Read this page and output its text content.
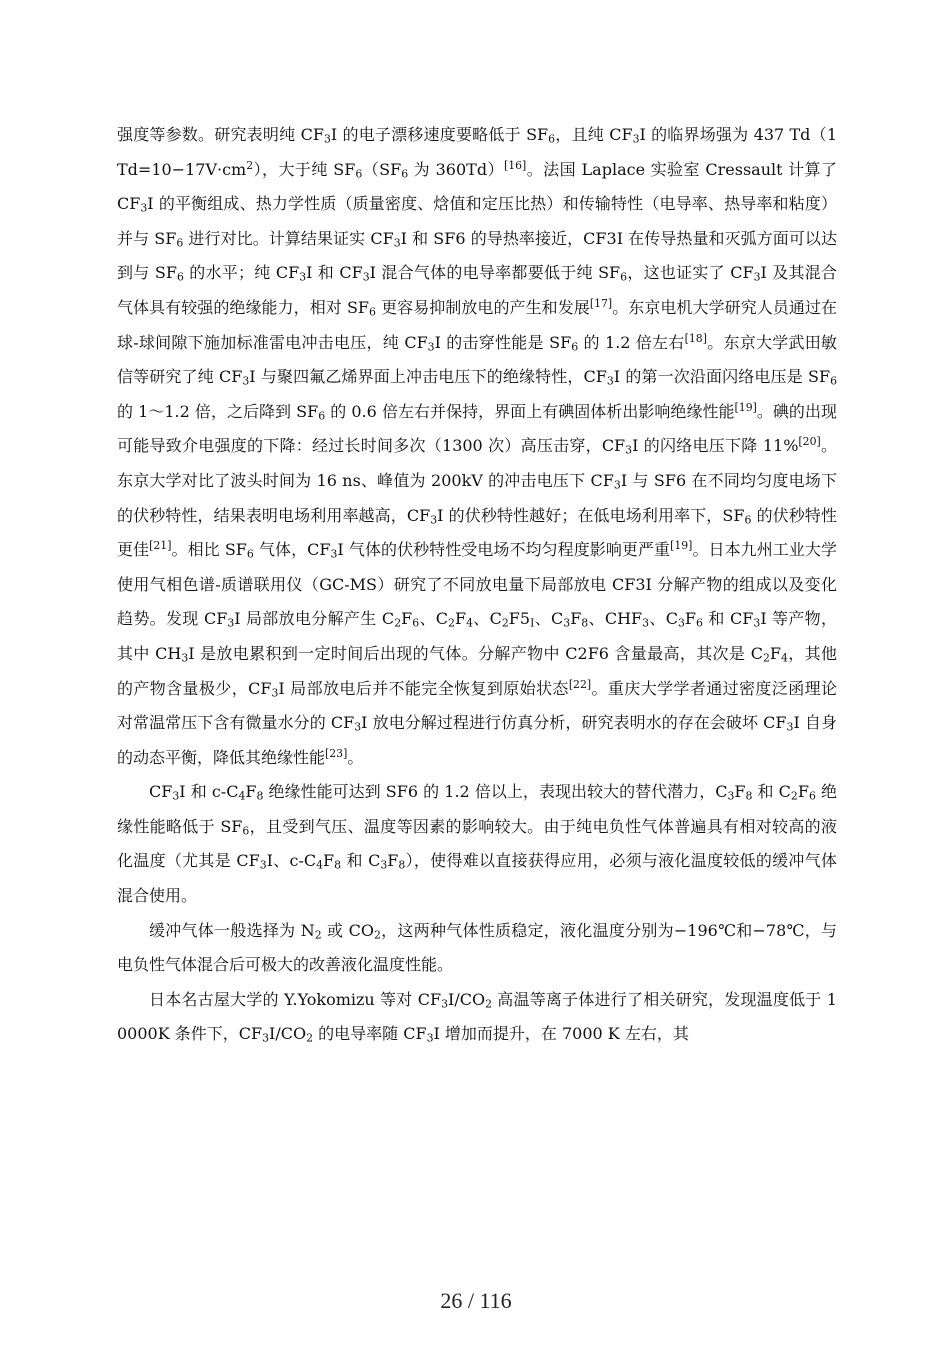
强度等参数。研究表明纯 $CF_3I$ 的电子漂移速度要略低于 $SF_6$，且纯 $CF_3I$ 的临界场强为 437 $Td(1Td=10-17V\cdot cm^2)$，大于纯 $SF_6(SF_6$ 为 360Td）[16]。法国 Laplace 实验室 Cressault 计算了 $CF_3I$ 的平衡组成、热力学性质（质量密度、焓值和定压比热）和传输特性（电导率、热导率和粘度）并与 $SF_6$ 进行对比。计算结果证实 $CF_3I$ 和 SF6 的导热率接近，CF3I 在传导热量和灭弧方面可以达到与 $SF_6$ 的水平；纯 $CF_3I$ 和 $CF_3I$ 混合气体的电导率都要低于纯 $SF_6$，这也证实了 $CF_3I$ 及其混合气体具有较强的绝缘能力，相对 $SF_6$ 更容易抑制放电的产生和发展[17]。东京电机大学研究人员通过在球-球间隙下施加标准雷电冲击电压，纯 $CF_3I$ 的击穿性能是 $SF_6$ 的 1.2 倍左右[18]。东京大学武田敏信等研究了纯 $CF_3I$ 与聚四氟乙烯界面上冲击电压下的绝缘特性，$CF_3I$ 的第一次沿面闪络电压是 $SF_6$ 的 1～1.2 倍，之后降到 $SF_6$ 的 0.6 倍左右并保持，界面上有碘固体析出影响绝缘性能[19]。碘的出现可能导致介电强度的下降：经过长时间多次（1300 次）高压击穿，$CF_3I$ 的闪络电压下降 11%[20]。东京大学对比了波头时间为 16 ns、峰值为 200kV 的冲击电压下 $CF_3I$ 与 SF6 在不同均匀度电场下的伏秒特性，结果表明电场利用率越高，$CF_3I$ 的伏秒特性越好；在低电场利用率下，$SF_6$ 的伏秒特性更佳[21]。相比 $SF_6$ 气体，$CF_3I$ 气体的伏秒特性受电场不均匀程度影响更严重[19]。日本九州工业大学使用气相色谱-质谱联用仪（GC-MS）研究了不同放电量下局部放电 CF3I 分解产物的组成以及变化趋势。发现 $CF_3I$ 局部放电分解产生 $C_2F_6$、$C_2F_4$、$C_2F5_I$、$C_3F_8$、$CHF_3$、$C_3F_6$ 和 $CF_3I$ 等产物，其中 $CH_3I$ 是放电累积到一定时间后出现的气体。分解产物中 C2F6 含量最高，其次是 $C_2F_4$，其他的产物含量极少，$CF_3I$ 局部放电后并不能完全恢复到原始状态[22]。重庆大学学者通过密度泛函理论对常温常压下含有微量水分的 $CF_3I$ 放电分解过程进行仿真分析，研究表明水的存在会破坏 $CF_3I$ 自身的动态平衡，降低其绝缘性能[23]。

$CF_3I$ 和 $c-C_4F_8$ 绝缘性能可达到 SF6 的 1.2 倍以上，表现出较大的替代潜力，$C_3F_8$ 和 $C_2F_6$ 绝缘性能略低于 $SF_6$，且受到气压、温度等因素的影响较大。由于纯电负性气体普遍具有相对较高的液化温度（尤其是 $CF_3I$、$c-C_4F_8$ 和 $C_3F_8$），使得难以直接获得应用，必须与液化温度较低的缓冲气体混合使用。

缓冲气体一般选择为 $N_2$ 或 $CO_2$，这两种气体性质稳定，液化温度分别为−196℃和−78℃，与电负性气体混合后可极大的改善液化温度性能。

日本名古屋大学的 Y.Yokomizu 等对 $CF_3I/CO_2$ 高温等离子体进行了相关研究，发现温度低于 10000K 条件下，$CF_3I/CO_2$ 的电导率随 $CF_3I$ 增加而提升，在 7000 K 左右，其

26 / 116
